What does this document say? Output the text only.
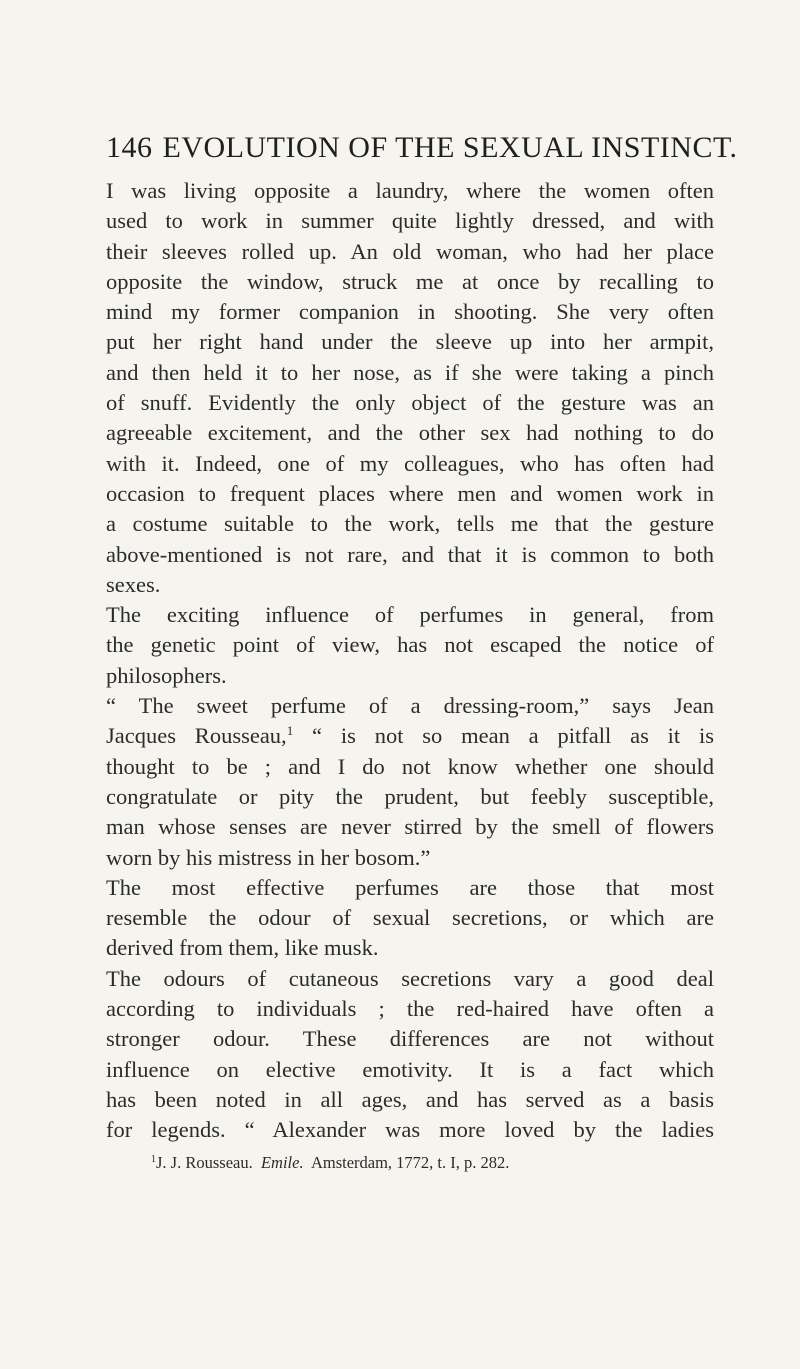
146 EVOLUTION OF THE SEXUAL INSTINCT.

I was living opposite a laundry, where the women often
used to work in summer quite lightly dressed, and with
their sleeves rolled up. An old woman, who had her place
opposite the window, struck me at once by recalling to
mind my former companion in shooting. She very often
put her right hand under the sleeve up into her armpit,
and then held it to her nose, as if she were taking a pinch
of snuff. Evidently the only object of the gesture was an
agreeable excitement, and the other sex had nothing to do
with it. Indeed, one of my colleagues, who has often had
occasion to frequent places where men and women work in
a costume suitable to the work, tells me that the gesture
above-mentioned is not rare, and that it is common to both
sexes.

The exciting influence of perfumes in general, from
the genetic point of view, has not escaped the notice of
philosophers.

“ The sweet perfume of a dressing-room,” says Jean
Jacques Rousseau,$^1$ “ is not so mean a pitfall as it is
thought to be ; and I do not know whether one should
congratulate or pity the prudent, but feebly susceptible,
man whose senses are never stirred by the smell of flowers
worn by his mistress in her bosom.”

The most effective perfumes are those that most
resemble the odour of sexual secretions, or which are
derived from them, like musk.

The odours of cutaneous secretions vary a good deal
according to individuals ; the red-haired have often a
stronger odour. These differences are not without
influence on elective emotivity. It is a fact which
has been noted in all ages, and has served as a basis
for legends. “ Alexander was more loved by the ladies

$^1$J. J. Rousseau. Emile. Amsterdam, 1772, t. I, p. 282.
